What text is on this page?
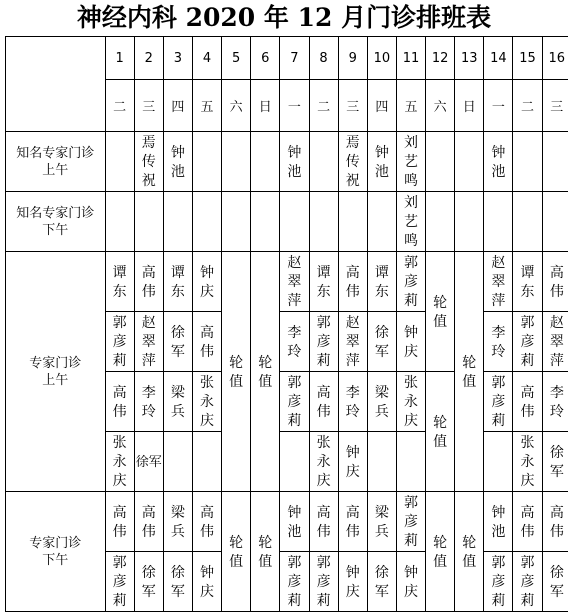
神经内科 2020 年 12 月门诊排班表
	1	2	3	4	5	6	7	8	9	10	11	12	13	14	15	16
	二	三	四	五	六	日	一	二	三	四	五	六	日	一	二	三
知名专家门诊
上午		焉传祝	钟池				钟池		焉传祝	钟池	刘艺鸣			钟池		

知名专家门诊
下午											刘艺鸣					

专家门诊
上午	谭东	高伟	谭东	钟庆	轮值	轮值	赵翠萍	谭东	高伟	谭东	郭彦莉	轮值	轮值	赵翠萍	谭东	高伟

	郭彦莉	赵翠萍	徐军	高伟			李玲	郭彦莉	赵翠萍	徐军	钟庆			李玲	郭彦莉	赵翠萍

	高伟	李玲	梁兵	张永庆			郭彦莉	高伟	李玲	梁兵	张永庆	轮值		郭彦莉	高伟	李玲

	张永庆	徐军						张永庆	钟庆						张永庆	徐军

专家门诊
下午	高伟	高伟	梁兵	高伟	轮值	轮值	钟池	高伟	高伟	梁兵	郭彦莉	轮值	轮值	钟池	高伟	高伟

	郭彦莉	徐军	徐军	钟庆			郭彦莉	郭彦莉	钟庆	徐军	钟庆			郭彦莉	郭彦莉	徐军
